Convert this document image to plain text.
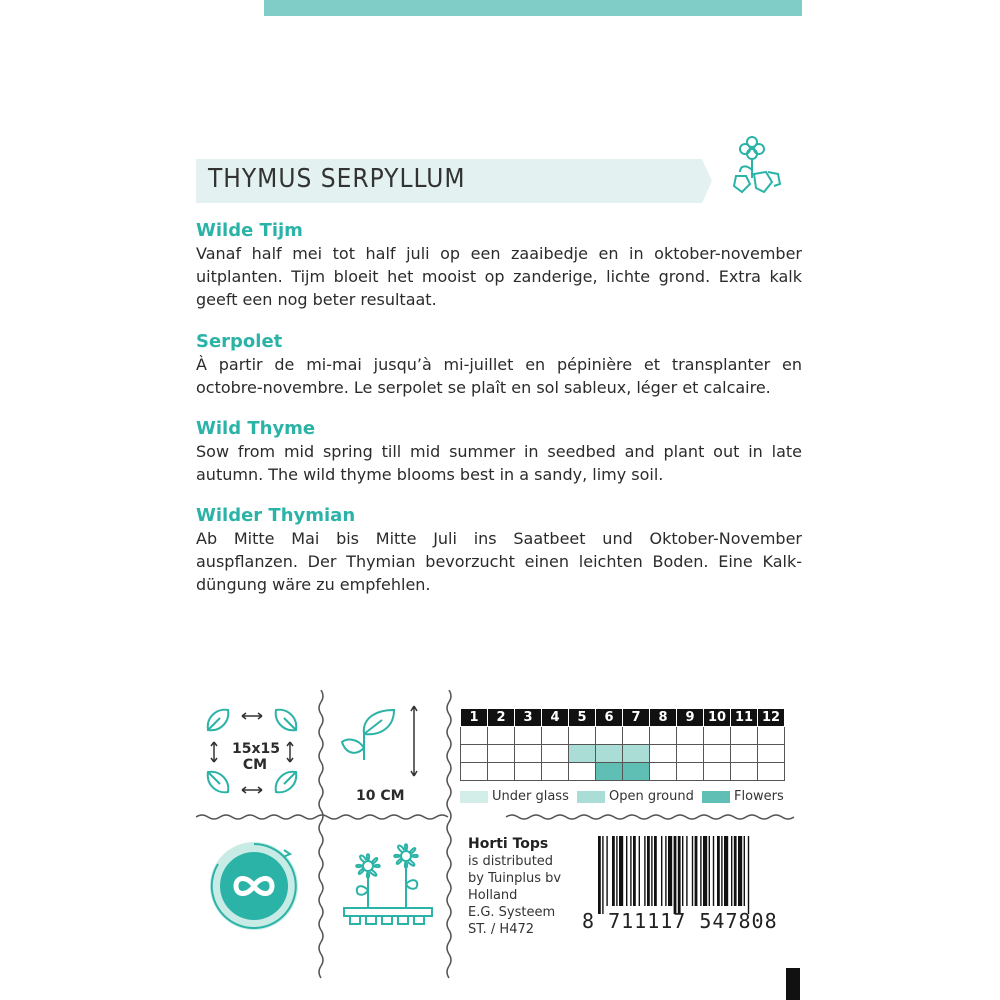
THYMUS SERPYLLUM
Wilde Tijm

Vanaf half mei tot half juli op een zaaibedje en in oktober-november uitplanten. Tijm bloeit het mooist op zanderige, lichte grond. Extra kalk geeft een nog beter resultaat.

Serpolet

À partir de mi-mai jusqu’à mi-juillet en pépinière et transplanter en octobre-novembre. Le serpolet se plaît en sol sableux, léger et calcaire.

Wild Thyme

Sow from mid spring till mid summer in seedbed and plant out in late autumn. The wild thyme blooms best in a sandy, limy soil.

Wilder Thymian

Ab Mitte Mai bis Mitte Juli ins Saatbeet und Oktober-November auspflanzen. Der Thymian bevorzucht einen leichten Boden. Eine Kalk-düngung wäre zu empfehlen.

15x15
CM
10 CM
1	2	3	4	5	6	7	8	9	10	11	12

Under glass	Open ground	Flowers
Horti Tops
is distributed
by Tuinplus bv
Holland
E.G. Systeem
ST. / H472	8 711117 547808
